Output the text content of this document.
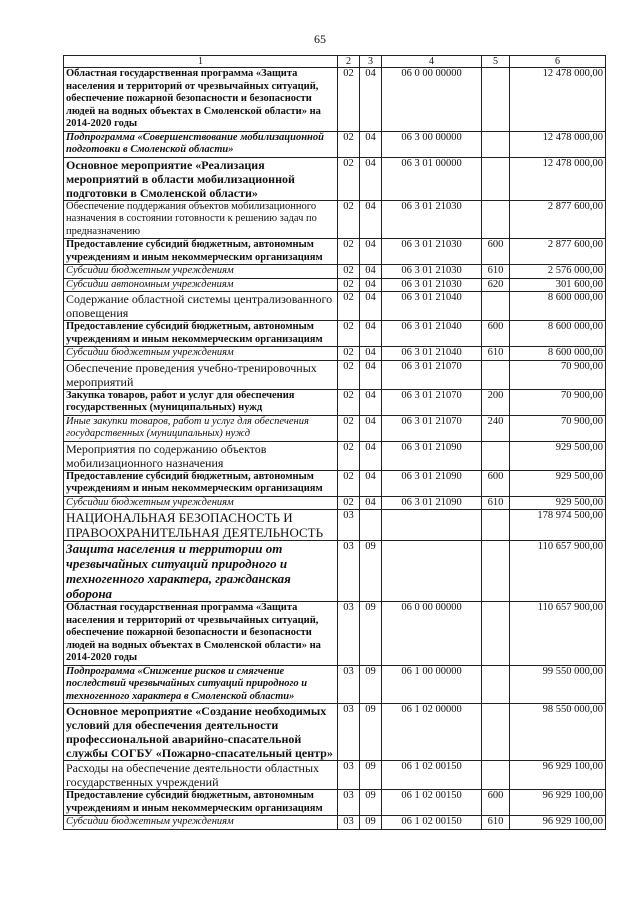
65
1	2	3	4	5	6
Областная государственная программа «Защита населения и территорий от чрезвычайных ситуаций, обеспечение пожарной безопасности и безопасности людей на водных объектах в Смоленской области» на 2014-2020 годы	02	04	06 0 00 00000		12 478 000,00
Подпрограмма «Совершенствование мобилизационной подготовки в Смоленской области»	02	04	06 3 00 00000		12 478 000,00
Основное мероприятие «Реализация мероприятий в области мобилизационной подготовки в Смоленской области»	02	04	06 3 01 00000		12 478 000,00
Обеспечение поддержания объектов мобилизационного назначения в состоянии готовности к решению задач по предназначению	02	04	06 3 01 21030		2 877 600,00
Предоставление субсидий бюджетным, автономным учреждениям и иным некоммерческим организациям	02	04	06 3 01 21030	600	2 877 600,00
Субсидии бюджетным учреждениям	02	04	06 3 01 21030	610	2 576 000,00
Субсидии автономным учреждениям	02	04	06 3 01 21030	620	301 600,00
Содержание областной системы централизованного оповещения	02	04	06 3 01 21040		8 600 000,00
Предоставление субсидий бюджетным, автономным учреждениям и иным некоммерческим организациям	02	04	06 3 01 21040	600	8 600 000,00
Субсидии бюджетным учреждениям	02	04	06 3 01 21040	610	8 600 000,00
Обеспечение проведения учебно-тренировочных мероприятий	02	04	06 3 01 21070		70 900,00
Закупка товаров, работ и услуг для обеспечения государственных (муниципальных) нужд	02	04	06 3 01 21070	200	70 900,00
Иные закупки товаров, работ и услуг для обеспечения государственных (муниципальных) нужд	02	04	06 3 01 21070	240	70 900,00
Мероприятия по содержанию объектов мобилизационного назначения	02	04	06 3 01 21090		929 500,00
Предоставление субсидий бюджетным, автономным учреждениям и иным некоммерческим организациям	02	04	06 3 01 21090	600	929 500,00
Субсидии бюджетным учреждениям	02	04	06 3 01 21090	610	929 500,00
НАЦИОНАЛЬНАЯ БЕЗОПАСНОСТЬ И ПРАВООХРАНИТЕЛЬНАЯ ДЕЯТЕЛЬНОСТЬ	03				178 974 500,00
Защита населения и территории от чрезвычайных ситуаций природного и техногенного характера, гражданская оборона	03	09			110 657 900,00
Областная государственная программа «Защита населения и территорий от чрезвычайных ситуаций, обеспечение пожарной безопасности и безопасности людей на водных объектах в Смоленской области» на 2014-2020 годы	03	09	06 0 00 00000		110 657 900,00
Подпрограмма «Снижение рисков и смягчение последствий чрезвычайных ситуаций природного и техногенного характера в Смоленской области»	03	09	06 1 00 00000		99 550 000,00
Основное мероприятие «Создание необходимых условий для обеспечения деятельности профессиональной аварийно-спасательной службы СОГБУ «Пожарно-спасательный центр»	03	09	06 1 02 00000		98 550 000,00
Расходы на обеспечение деятельности областных государственных учреждений	03	09	06 1 02 00150		96 929 100,00
Предоставление субсидий бюджетным, автономным учреждениям и иным некоммерческим организациям	03	09	06 1 02 00150	600	96 929 100,00
Субсидии бюджетным учреждениям	03	09	06 1 02 00150	610	96 929 100,00
